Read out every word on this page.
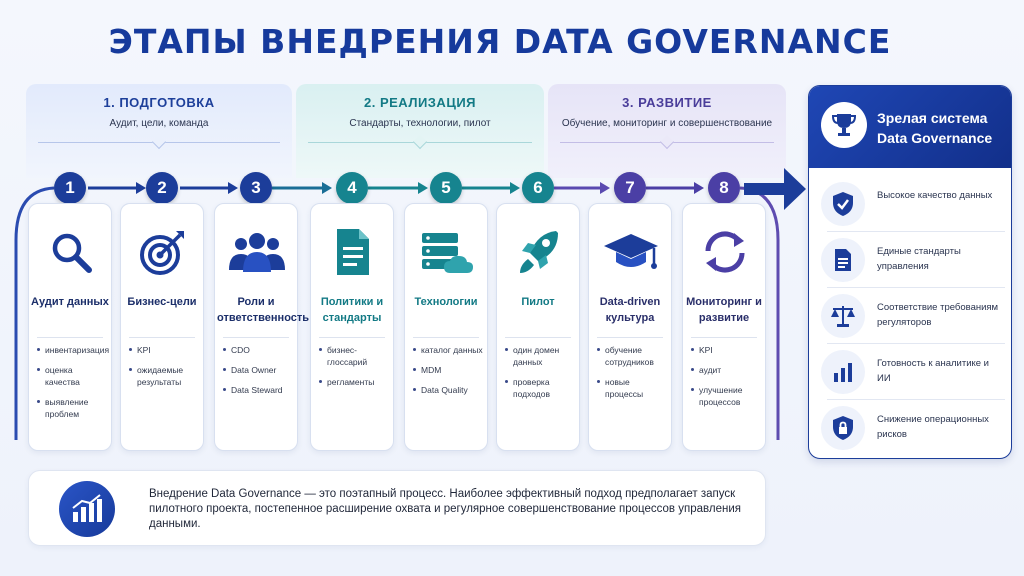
ЭТАПЫ ВНЕДРЕНИЯ DATA GOVERNANCE
1. ПОДГОТОВКА
Аудит, цели, команда
2. РЕАЛИЗАЦИЯ
Стандарты, технологии, пилот
3. РАЗВИТИЕ
Обучение, мониторинг и совершенствование
1	2	3	4	5	6	7	8
Аудит данных
инвентаризация
оценка качества
выявление проблем
Бизнес-цели
KPI
ожидаемые результаты
Роли и ответственность
CDO
Data Owner
Data Steward
Политики и стандарты
бизнес-глоссарий
регламенты
Технологии
каталог данных
MDM
Data Quality
Пилот
один домен данных
проверка подходов
Data-driven культура
обучение сотрудников
новые процессы
Мониторинг и развитие
KPI
аудит
улучшение процессов
Зрелая система
Data Governance
Высокое качество данных
Единые стандарты управления
Соответствие требованиям регуляторов
Готовность к аналитике и ИИ
Снижение операционных рисков
Внедрение Data Governance — это поэтапный процесс. Наиболее эффективный подход предполагает запуск пилотного проекта, постепенное расширение охвата и регулярное совершенствование процессов управления данными.
